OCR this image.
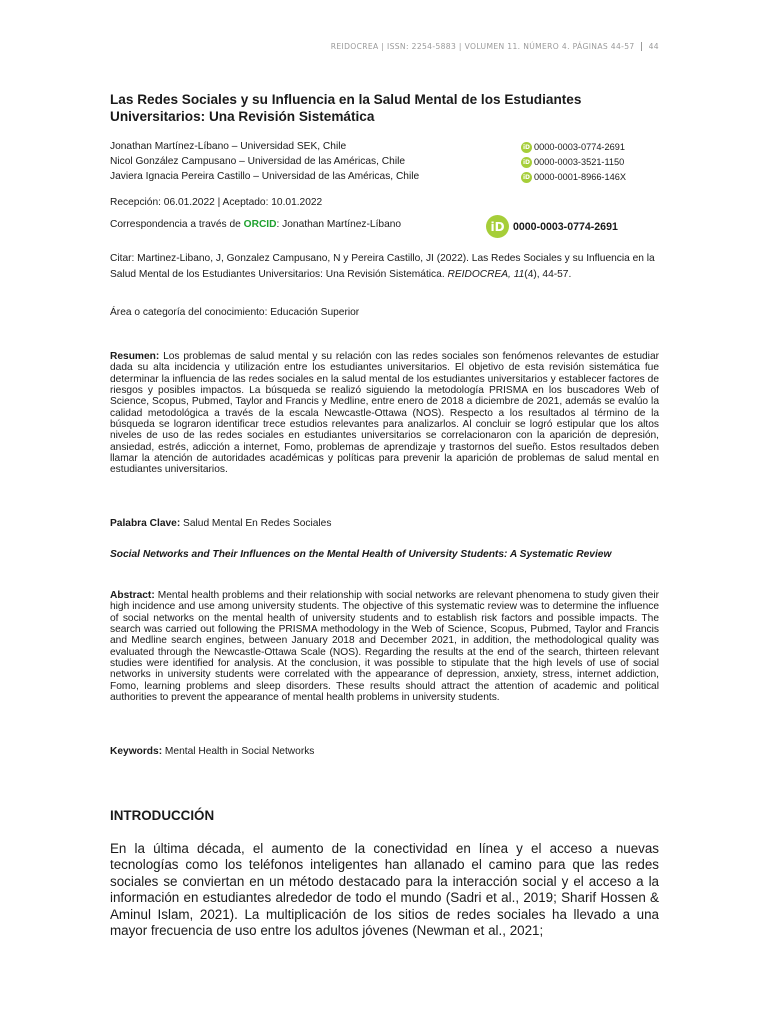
REIDOCREA | ISSN: 2254-5883 | VOLUMEN 11. NÚMERO 4. PÁGINAS 44-57 44
Las Redes Sociales y su Influencia en la Salud Mental de los Estudiantes Universitarios: Una Revisión Sistemática
Jonathan Martínez-Líbano – Universidad SEK, Chile	iD 0000-0003-0774-2691
Nicol González Campusano – Universidad de las Américas, Chile	iD 0000-0003-3521-1150
Javiera Ignacia Pereira Castillo – Universidad de las Américas, Chile	iD 0000-0001-8966-146X
Recepción: 06.01.2022 | Aceptado: 10.01.2022
Correspondencia a través de ORCID: Jonathan Martínez-Líbano	iD 0000-0003-0774-2691
Citar: Martinez-Libano, J, Gonzalez Campusano, N y Pereira Castillo, JI (2022). Las Redes Sociales y su Influencia en la Salud Mental de los Estudiantes Universitarios: Una Revisión Sistemática. REIDOCREA, 11(4), 44-57.
Área o categoría del conocimiento: Educación Superior

Resumen: Los problemas de salud mental y su relación con las redes sociales son fenómenos relevantes de estudiar dada su alta incidencia y utilización entre los estudiantes universitarios. El objetivo de esta revisión sistemática fue determinar la influencia de las redes sociales en la salud mental de los estudiantes universitarios y establecer factores de riesgos y posibles impactos. La búsqueda se realizó siguiendo la metodología PRISMA en los buscadores Web of Science, Scopus, Pubmed, Taylor and Francis y Medline, entre enero de 2018 a diciembre de 2021, además se evalúo la calidad metodológica a través de la escala Newcastle-Ottawa (NOS). Respecto a los resultados al término de la búsqueda se lograron identificar trece estudios relevantes para analizarlos. Al concluir se logró estipular que los altos niveles de uso de las redes sociales en estudiantes universitarios se correlacionaron con la aparición de depresión, ansiedad, estrés, adicción a internet, Fomo, problemas de aprendizaje y trastornos del sueño. Estos resultados deben llamar la atención de autoridades académicas y políticas para prevenir la aparición de problemas de salud mental en estudiantes universitarios.

Palabra Clave: Salud Mental En Redes Sociales

Social Networks and Their Influences on the Mental Health of University Students: A Systematic Review

Abstract: Mental health problems and their relationship with social networks are relevant phenomena to study given their high incidence and use among university students. The objective of this systematic review was to determine the influence of social networks on the mental health of university students and to establish risk factors and possible impacts. The search was carried out following the PRISMA methodology in the Web of Science, Scopus, Pubmed, Taylor and Francis and Medline search engines, between January 2018 and December 2021, in addition, the methodological quality was evaluated through the Newcastle-Ottawa Scale (NOS). Regarding the results at the end of the search, thirteen relevant studies were identified for analysis. At the conclusion, it was possible to stipulate that the high levels of use of social networks in university students were correlated with the appearance of depression, anxiety, stress, internet addiction, Fomo, learning problems and sleep disorders. These results should attract the attention of academic and political authorities to prevent the appearance of mental health problems in university students.

Keywords: Mental Health in Social Networks
INTRODUCCIÓN

En la última década, el aumento de la conectividad en línea y el acceso a nuevas tecnologías como los teléfonos inteligentes han allanado el camino para que las redes sociales se conviertan en un método destacado para la interacción social y el acceso a la información en estudiantes alrededor de todo el mundo (Sadri et al., 2019; Sharif Hossen & Aminul Islam, 2021). La multiplicación de los sitios de redes sociales ha llevado a una mayor frecuencia de uso entre los adultos jóvenes (Newman et al., 2021;
